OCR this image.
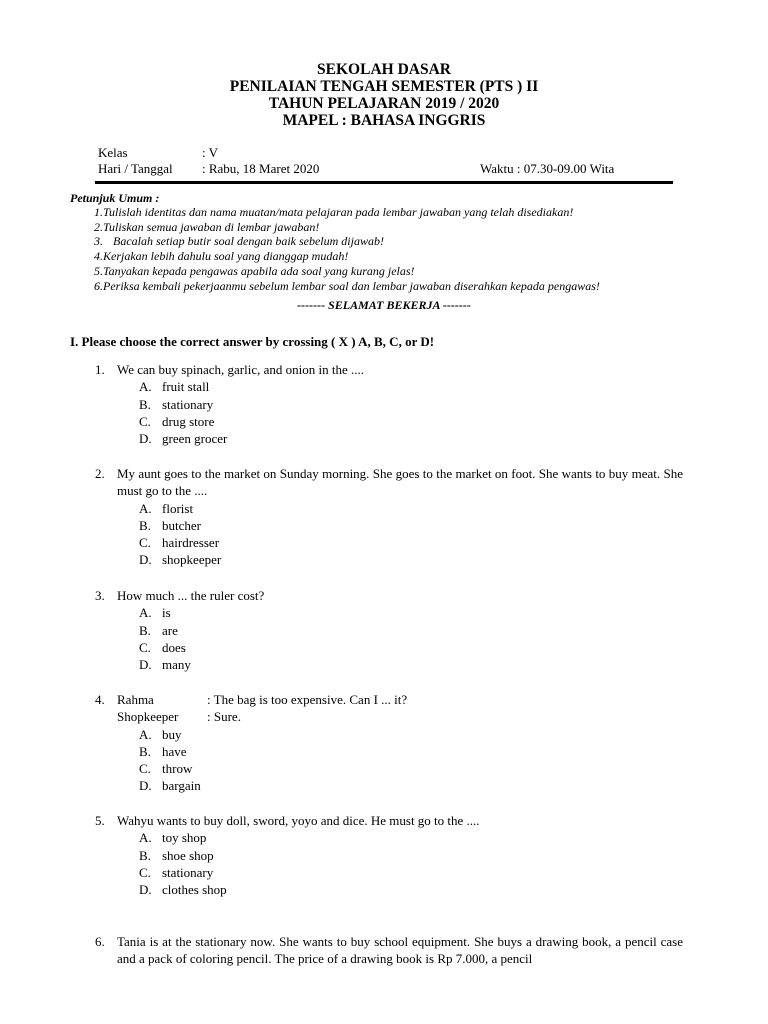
SEKOLAH DASAR
PENILAIAN TENGAH SEMESTER (PTS ) II
TAHUN PELAJARAN 2019 / 2020
MAPEL : BAHASA INGGRIS
Kelas	: V
Hari / Tanggal : Rabu, 18 Maret 2020	Waktu : 07.30-09.00 Wita
Petunjuk Umum :
1.Tulislah identitas dan nama muatan/mata pelajaran pada lembar jawaban yang telah disediakan!
2.Tuliskan semua jawaban di lembar jawaban!
3. Bacalah setiap butir soal dengan baik sebelum dijawab!
4.Kerjakan lebih dahulu soal yang dianggap mudah!
5.Tanyakan kepada pengawas apabila ada soal yang kurang jelas!
6.Periksa kembali pekerjaanmu sebelum lembar soal dan lembar jawaban diserahkan kepada pengawas!
------- SELAMAT BEKERJA -------
I. Please choose the correct answer by crossing ( X ) A, B, C, or D!
1. We can buy spinach, garlic, and onion in the ....
A. fruit stall
B. stationary
C. drug store
D. green grocer
2. My aunt goes to the market on Sunday morning. She goes to the market on foot. She wants to buy meat. She must go to the ....
A. florist
B. butcher
C. hairdresser
D. shopkeeper
3. How much ... the ruler cost?
A. is
B. are
C. does
D. many
4. Rahma	: The bag is too expensive. Can I ... it?
Shopkeeper : Sure.
A. buy
B. have
C. throw
D. bargain
5. Wahyu wants to buy doll, sword, yoyo and dice. He must go to the ....
A. toy shop
B. shoe shop
C. stationary
D. clothes shop
6. Tania is at the stationary now. She wants to buy school equipment. She buys a drawing book, a pencil case and a pack of coloring pencil. The price of a drawing book is Rp 7.000, a pencil
